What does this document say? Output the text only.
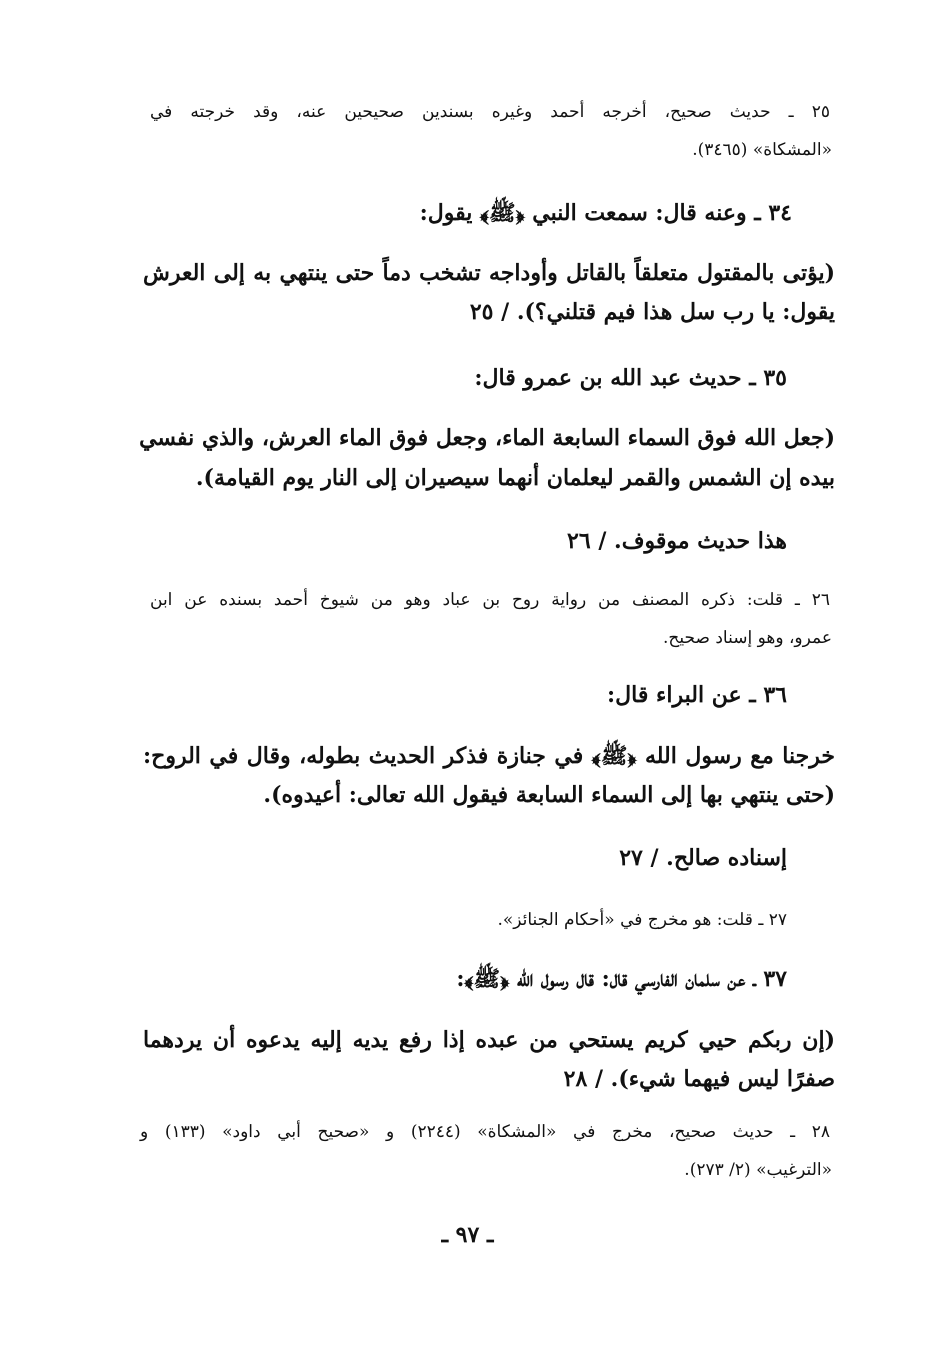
٢٥ ـ حديث صحيح، أخرجه أحمد وغيره بسندين صحيحين عنه، وقد خرجته في
«المشكاة» (٣٤٦٥).
٣٤ ـ وعنه قال: سمعت النبي ﴿ﷺ﴾ يقول:
(يؤتى بالمقتول متعلقاً بالقاتل وأوداجه تشخب دماً حتى ينتهي به إلى العرش
يقول: يا رب سل هذا فيم قتلني؟). / ٢٥
٣٥ ـ حديث عبد الله بن عمرو قال:
(جعل الله فوق السماء السابعة الماء، وجعل فوق الماء العرش، والذي نفسي
بيده إن الشمس والقمر ليعلمان أنهما سيصيران إلى النار يوم القيامة).
هذا حديث موقوف. / ٢٦
٢٦ ـ قلت: ذكره المصنف من رواية روح بن عباد وهو من شيوخ أحمد بسنده عن ابن
عمرو، وهو إسناد صحيح.
٣٦ ـ عن البراء قال:
خرجنا مع رسول الله ﴿ﷺ﴾ في جنازة فذكر الحديث بطوله، وقال في الروح:
(حتى ينتهي بها إلى السماء السابعة فيقول الله تعالى: أعيدوه).
إسناده صالح. / ٢٧
٢٧ ـ قلت: هو مخرج في «أحكام الجنائز».
٣٧ ـ عن سلمان الفارسي قال: قال رسول الله ﴿ﷺ﴾:
(إن ربكم حيي كريم يستحي من عبده إذا رفع يديه إليه يدعوه أن يردهما
صفرًا ليس فيهما شيء). / ٢٨
٢٨ ـ حديث صحيح، مخرج في «المشكاة» (٢٢٤٤) و «صحيح أبي داود» (١٣٣) و
«الترغيب» (٢/ ٢٧٣).
ـ ٩٧ ـ
